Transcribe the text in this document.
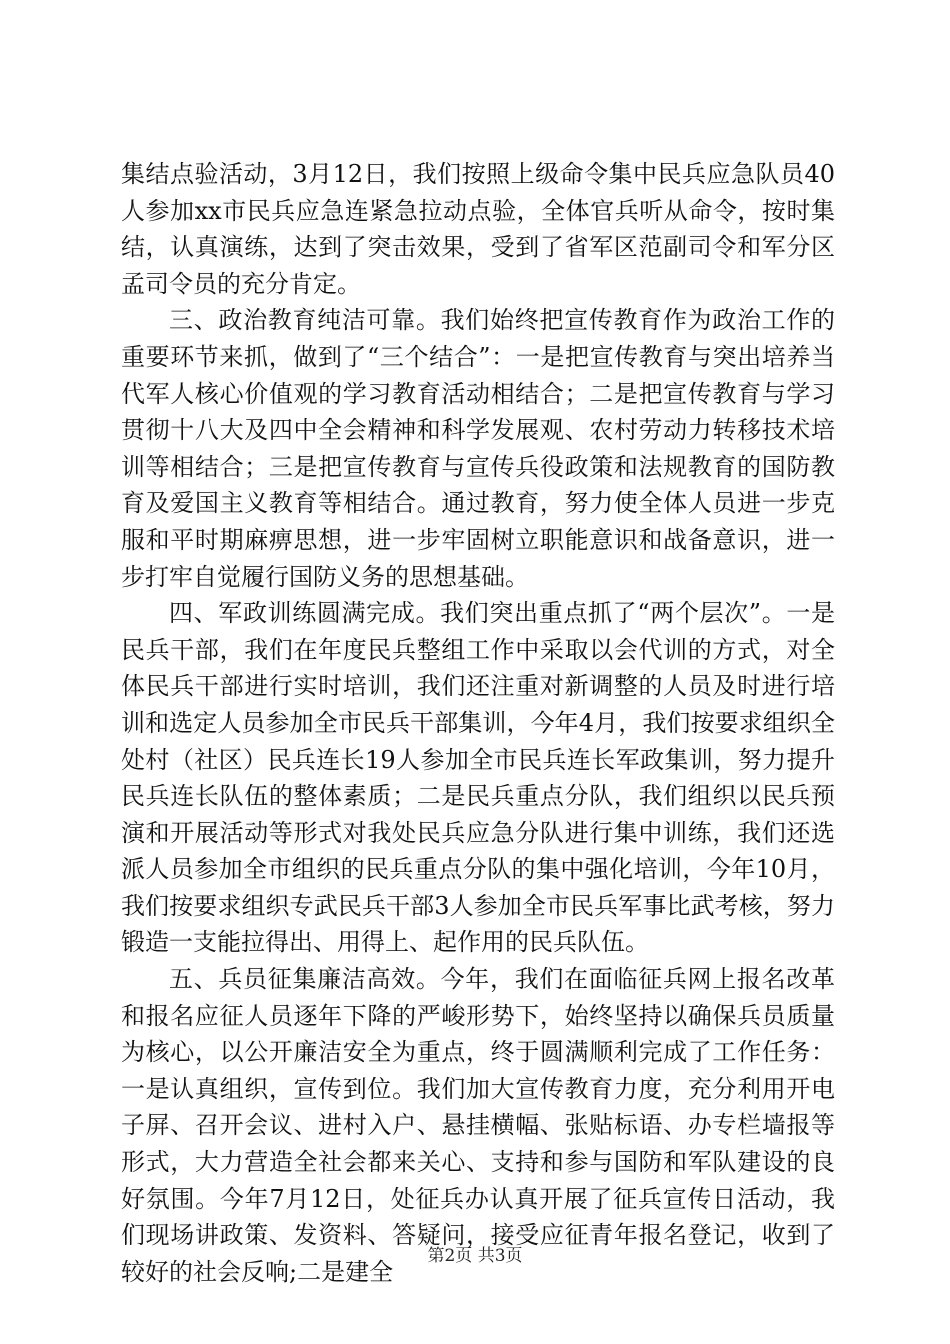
集结点验活动，3月12日，我们按照上级命令集中民兵应急队员40人参加xx市民兵应急连紧急拉动点验，全体官兵听从命令，按时集结，认真演练，达到了突击效果，受到了省军区范副司令和军分区孟司令员的充分肯定。

三、政治教育纯洁可靠。我们始终把宣传教育作为政治工作的重要环节来抓，做到了“三个结合”：一是把宣传教育与突出培养当代军人核心价值观的学习教育活动相结合；二是把宣传教育与学习贯彻十八大及四中全会精神和科学发展观、农村劳动力转移技术培训等相结合；三是把宣传教育与宣传兵役政策和法规教育的国防教育及爱国主义教育等相结合。通过教育，努力使全体人员进一步克服和平时期麻痹思想，进一步牢固树立职能意识和战备意识，进一步打牢自觉履行国防义务的思想基础。

四、军政训练圆满完成。我们突出重点抓了“两个层次”。一是民兵干部，我们在年度民兵整组工作中采取以会代训的方式，对全体民兵干部进行实时培训，我们还注重对新调整的人员及时进行培训和选定人员参加全市民兵干部集训，今年4月，我们按要求组织全处村（社区）民兵连长19人参加全市民兵连长军政集训，努力提升民兵连长队伍的整体素质；二是民兵重点分队，我们组织以民兵预演和开展活动等形式对我处民兵应急分队进行集中训练，我们还选派人员参加全市组织的民兵重点分队的集中强化培训，今年10月，我们按要求组织专武民兵干部3人参加全市民兵军事比武考核，努力锻造一支能拉得出、用得上、起作用的民兵队伍。

五、兵员征集廉洁高效。今年，我们在面临征兵网上报名改革和报名应征人员逐年下降的严峻形势下，始终坚持以确保兵员质量为核心，以公开廉洁安全为重点，终于圆满顺利完成了工作任务：一是认真组织，宣传到位。我们加大宣传教育力度，充分利用开电子屏、召开会议、进村入户、悬挂横幅、张贴标语、办专栏墙报等形式，大力营造全社会都来关心、支持和参与国防和军队建设的良好氛围。今年7月12日，处征兵办认真开展了征兵宣传日活动，我们现场讲政策、发资料、答疑问，接受应征青年报名登记，收到了较好的社会反响;二是建全

第2页 共3页
